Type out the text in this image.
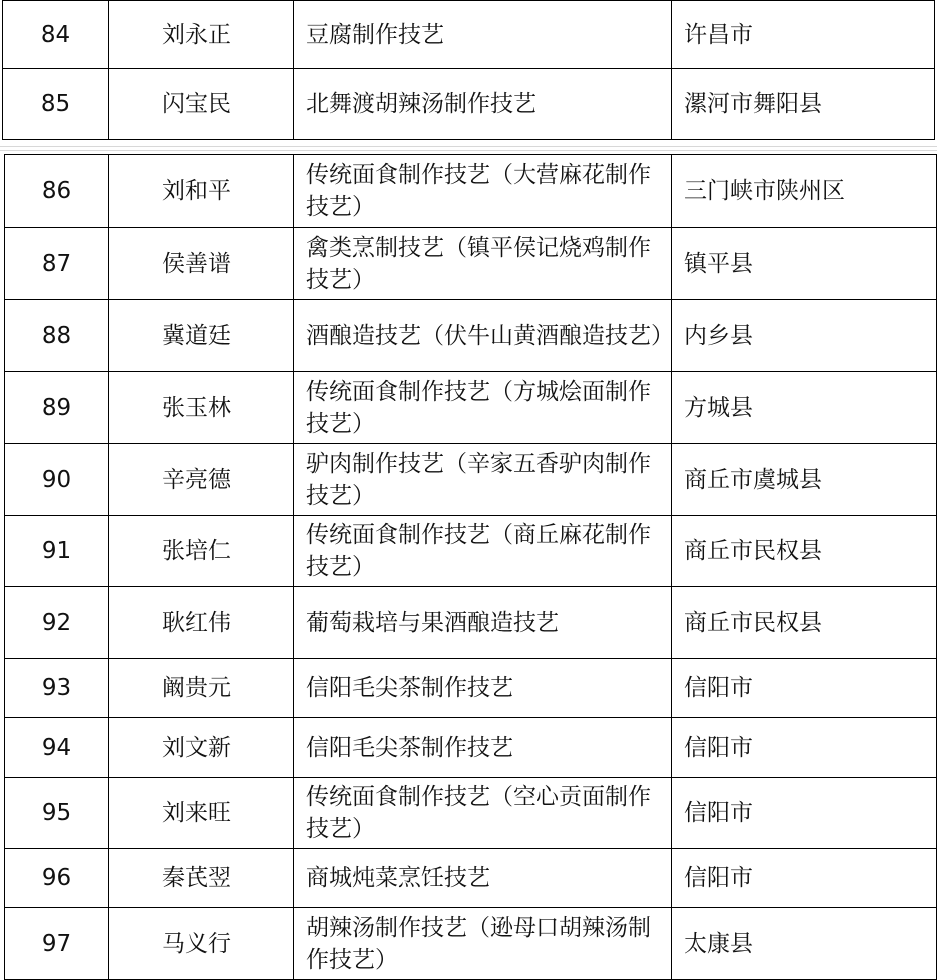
84	刘永正	豆腐制作技艺	许昌市
85	闪宝民	北舞渡胡辣汤制作技艺	漯河市舞阳县
86	刘和平	传统面食制作技艺（大营麻花制作技艺）	三门峡市陕州区
87	侯善谱	禽类烹制技艺（镇平侯记烧鸡制作技艺）	镇平县
88	冀道廷	酒酿造技艺（伏牛山黄酒酿造技艺）	内乡县
89	张玉林	传统面食制作技艺（方城烩面制作技艺）	方城县
90	辛亮德	驴肉制作技艺（辛家五香驴肉制作技艺）	商丘市虞城县
91	张培仁	传统面食制作技艺（商丘麻花制作技艺）	商丘市民权县
92	耿红伟	葡萄栽培与果酒酿造技艺	商丘市民权县
93	阚贵元	信阳毛尖茶制作技艺	信阳市
94	刘文新	信阳毛尖茶制作技艺	信阳市
95	刘来旺	传统面食制作技艺（空心贡面制作技艺）	信阳市
96	秦芪翌	商城炖菜烹饪技艺	信阳市
97	马义行	胡辣汤制作技艺（逊母口胡辣汤制作技艺）	太康县
